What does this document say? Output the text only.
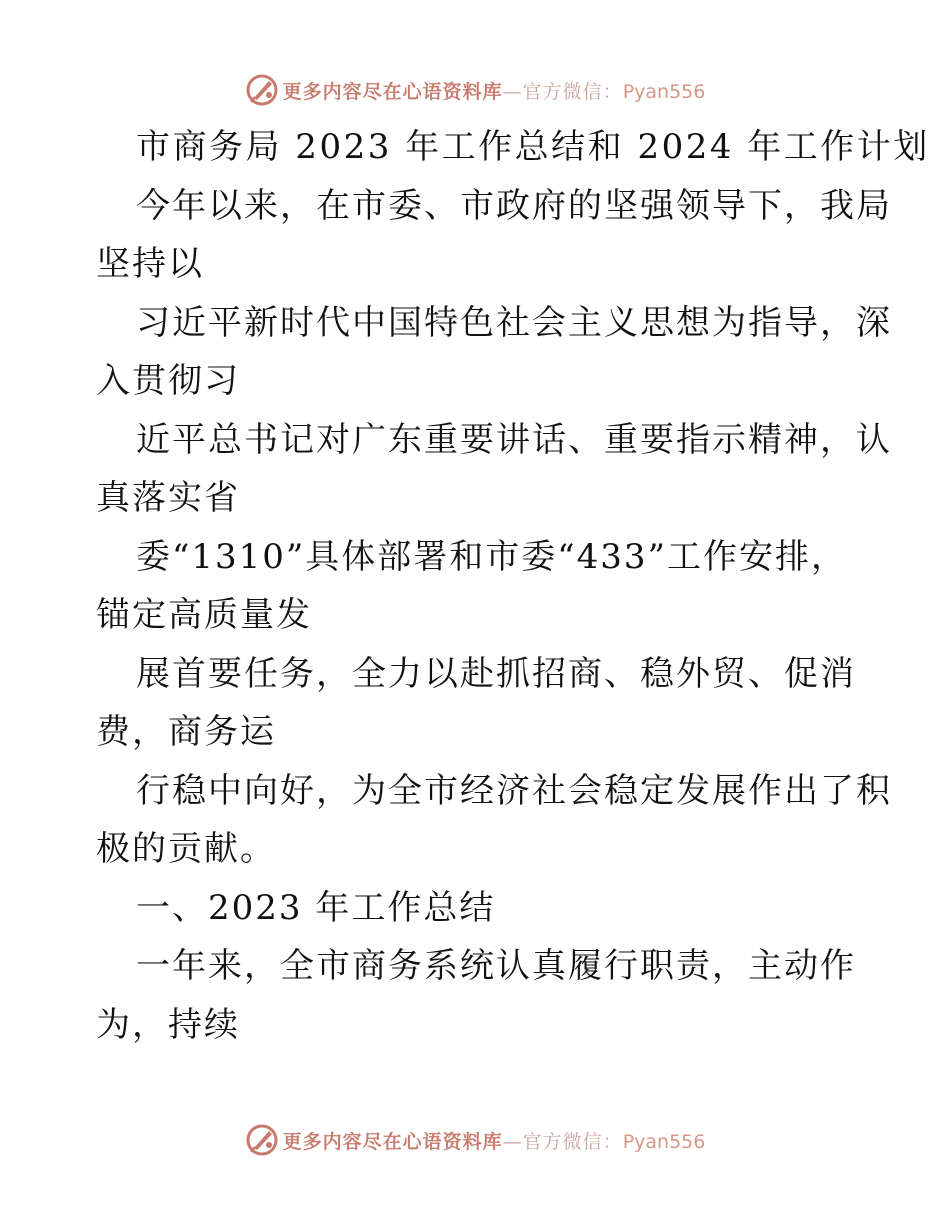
更多内容尽在心语资料库—官方微信：Pyan556
市商务局 2023 年工作总结和 2024 年工作计划
今年以来，在市委、市政府的坚强领导下，我局
坚持以
习近平新时代中国特色社会主义思想为指导，深
入贯彻习
近平总书记对广东重要讲话、重要指示精神，认
真落实省
委“1310”具体部署和市委“433”工作安排，
锚定高质量发
展首要任务，全力以赴抓招商、稳外贸、促消
费，商务运
行稳中向好，为全市经济社会稳定发展作出了积
极的贡献。
一、2023 年工作总结
一年来，全市商务系统认真履行职责，主动作
为，持续
更多内容尽在心语资料库—官方微信：Pyan556
